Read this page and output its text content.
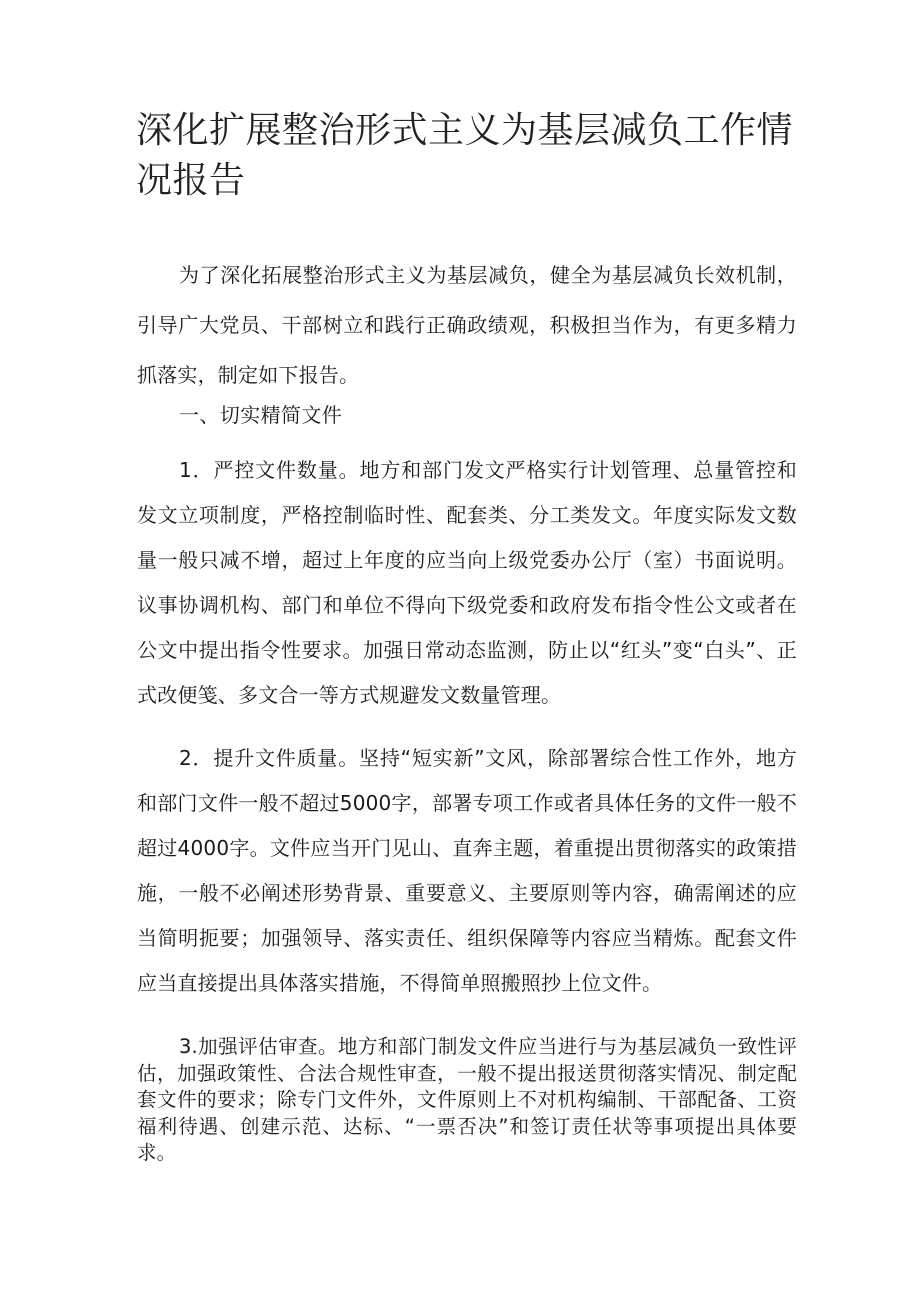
深化扩展整治形式主义为基层减负工作情况报告

为了深化拓展整治形式主义为基层减负，健全为基层减负长效机制，引导广大党员、干部树立和践行正确政绩观，积极担当作为，有更多精力抓落实，制定如下报告。

一、切实精简文件

1．严控文件数量。地方和部门发文严格实行计划管理、总量管控和发文立项制度，严格控制临时性、配套类、分工类发文。年度实际发文数量一般只减不增，超过上年度的应当向上级党委办公厅（室）书面说明。议事协调机构、部门和单位不得向下级党委和政府发布指令性公文或者在公文中提出指令性要求。加强日常动态监测，防止以“红头”变“白头”、正式改便笺、多文合一等方式规避发文数量管理。

2．提升文件质量。坚持“短实新”文风，除部署综合性工作外，地方和部门文件一般不超过5000字，部署专项工作或者具体任务的文件一般不超过4000字。文件应当开门见山、直奔主题，着重提出贯彻落实的政策措施，一般不必阐述形势背景、重要意义、主要原则等内容，确需阐述的应当简明扼要；加强领导、落实责任、组织保障等内容应当精炼。配套文件应当直接提出具体落实措施，不得简单照搬照抄上位文件。

3.加强评估审查。地方和部门制发文件应当进行与为基层减负一致性评估，加强政策性、合法合规性审查，一般不提出报送贯彻落实情况、制定配套文件的要求；除专门文件外，文件原则上不对机构编制、干部配备、工资福利待遇、创建示范、达标、“一票否决”和签订责任状等事项提出具体要求。
